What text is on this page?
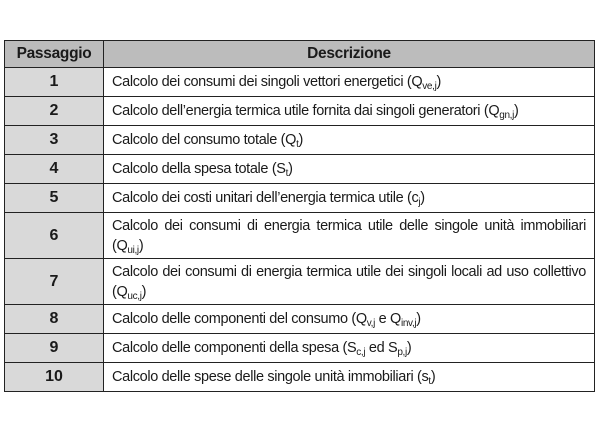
Passaggio	Descrizione
1	Calcolo dei consumi dei singoli vettori energetici $(Q_{ve,j})$
2	Calcolo dell’energia termica utile fornita dai singoli generatori $(Q_{gn,j})$
3	Calcolo del consumo totale $(Q_t)$
4	Calcolo della spesa totale $(S_t)$
5	Calcolo dei costi unitari dell’energia termica utile $(c_j)$
6	Calcolo dei consumi di energia termica utile delle singole unità immobiliari $(Q_{ui,j})$

7	Calcolo dei consumi di energia termica utile dei singoli locali ad uso collettivo $(Q_{uc,j})$

8	Calcolo delle componenti del consumo ($Q_{v,j}$ e $Q_{inv,j}$)
9	Calcolo delle componenti della spesa ($S_{c,j}$ ed $S_{p,j}$)
10	Calcolo delle spese delle singole unità immobiliari $(s_t)$
